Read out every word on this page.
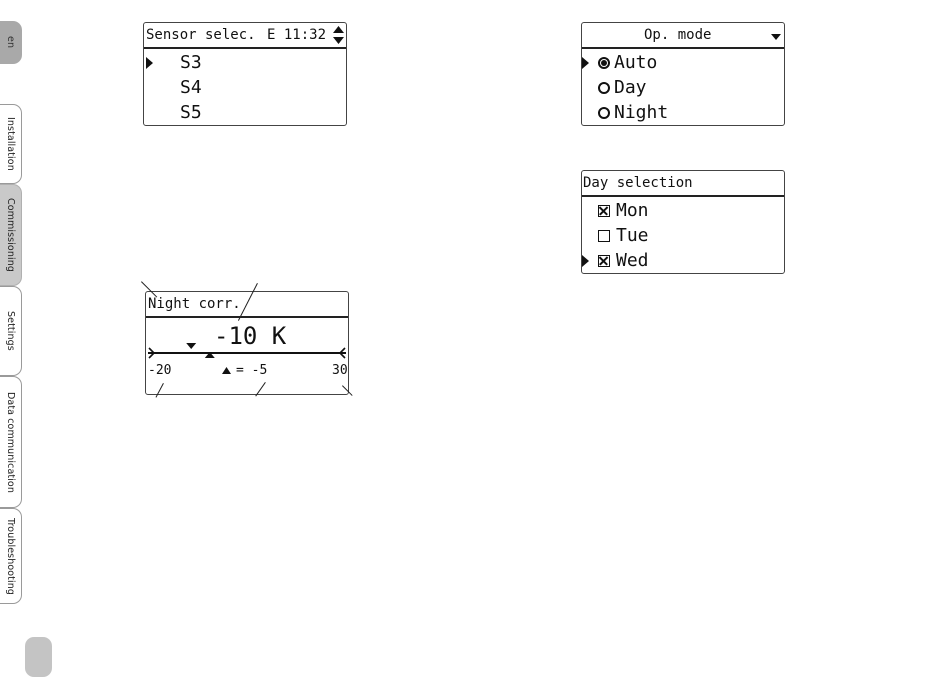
en
Installation
Commissioning
Settings
Data communication
Troubleshooting
Sensor selec. E 11:32
S3
S4
S5
Op. mode
Auto
Day
Night
Day selection
Mon
Tue
Wed
Night corr.
-10 K
-20	= -5	30
